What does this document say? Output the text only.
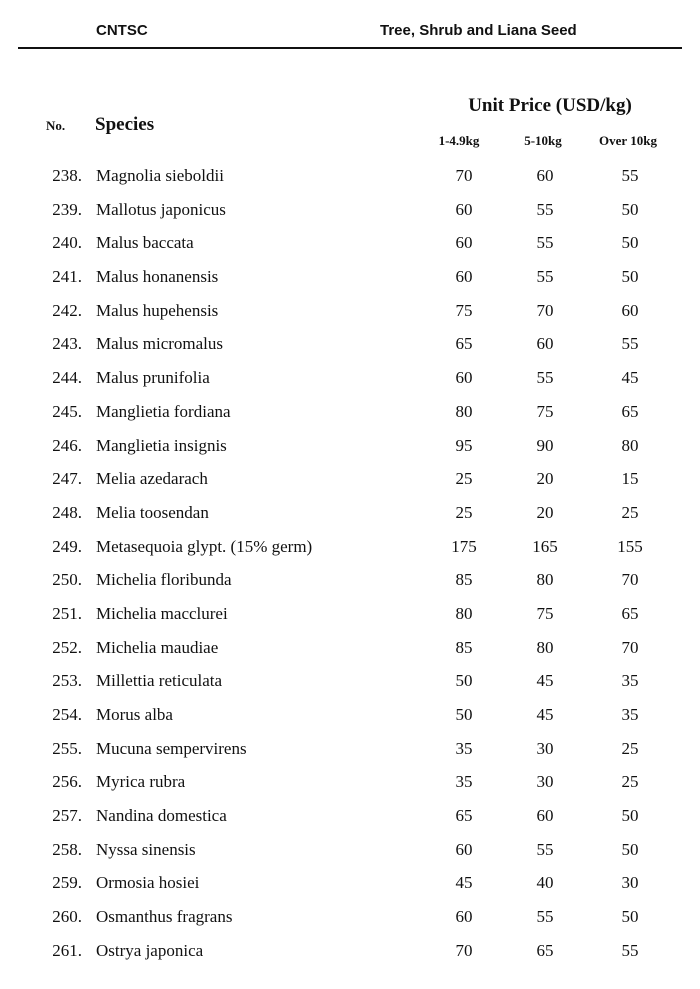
CNTSC	Tree, Shrub and Liana Seed
No. Species
Unit Price (USD/kg)
1-4.9kg	5-10kg	Over 10kg
238. Magnolia sieboldii	70	60	55
239. Mallotus japonicus	60	55	50
240. Malus baccata	60	55	50
241. Malus honanensis	60	55	50
242. Malus hupehensis	75	70	60
243. Malus micromalus	65	60	55
244. Malus prunifolia	60	55	45
245. Manglietia fordiana	80	75	65
246. Manglietia insignis	95	90	80
247. Melia azedarach	25	20	15
248. Melia toosendan	25	20	25
249. Metasequoia glypt. (15% germ)	175	165	155
250. Michelia floribunda	85	80	70
251. Michelia macclurei	80	75	65
252. Michelia maudiae	85	80	70
253. Millettia reticulata	50	45	35
254. Morus alba	50	45	35
255. Mucuna sempervirens	35	30	25
256. Myrica rubra	35	30	25
257. Nandina domestica	65	60	50
258. Nyssa sinensis	60	55	50
259. Ormosia hosiei	45	40	30
260. Osmanthus fragrans	60	55	50
261. Ostrya japonica	70	65	55
